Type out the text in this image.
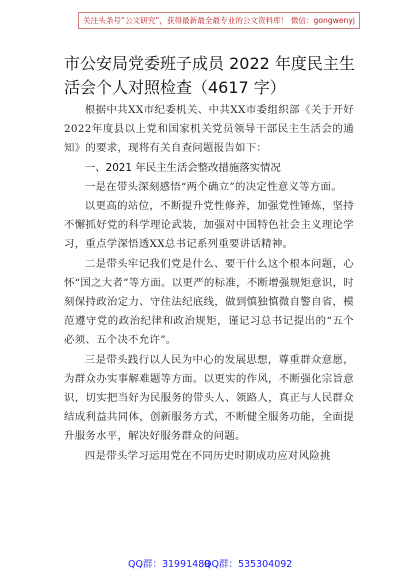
关注头条号“公文研究”，获得最新最全最专业的公文资料库！ 微信：gongwenyj
市公安局党委班子成员 2022 年度民主生活会个人对照检查（4617 字）

根据中共XX市纪委机关、中共XX市委组织部《关于开好2022年度县以上党和国家机关党员领导干部民主生活会的通知》的要求，现将有关自查问题报告如下：

一、2021 年民主生活会整改措施落实情况

一是在带头深刻感悟“两个确立”的决定性意义等方面。

以更高的站位，不断提升党性修养，加强党性锤炼，坚持不懈抓好党的科学理论武装，加强对中国特色社会主义理论学习，重点学深悟透XX总书记系列重要讲话精神。

二是带头牢记我们党是什么、要干什么这个根本问题，心怀“国之大者”等方面。以更严的标准，不断增强规矩意识，时刻保持政治定力、守住法纪底线，做到慎独慎微自警自省，模范遵守党的政治纪律和政治规矩，谨记习总书记提出的“五个必须、五个决不允许”。

三是带头践行以人民为中心的发展思想，尊重群众意愿，为群众办实事解难题等方面。以更实的作风，不断强化宗旨意识，切实把当好为民服务的带头人、领路人，真正与人民群众结成利益共同体，创新服务方式，不断健全服务功能，全面提升服务水平，解决好服务群众的问题。

四是带头学习运用党在不同历史时期成功应对风险挑

QQ群：31991489
QQ群：535304092
